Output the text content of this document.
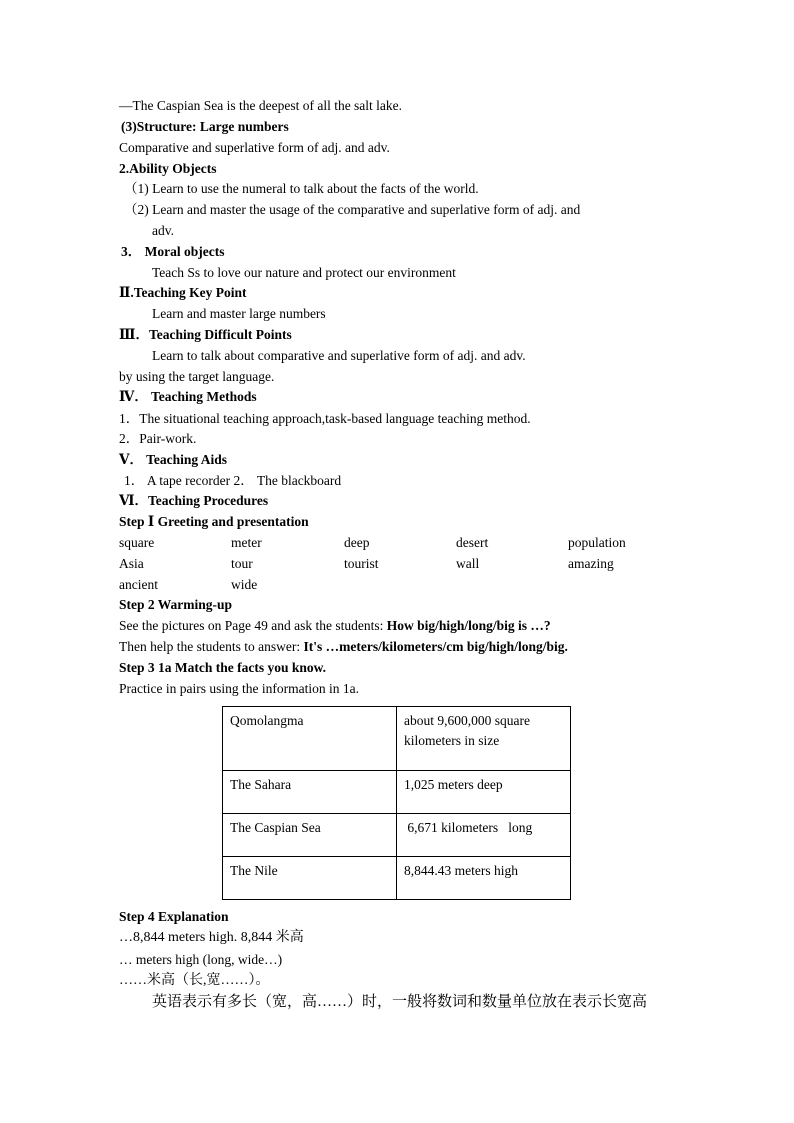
—The Caspian Sea is the deepest of all the salt lake.
(3)Structure: Large numbers
Comparative and superlative form of adj. and adv.
2.Ability Objects
（1) Learn to use the numeral to talk about the facts of the world.
（2) Learn and master the usage of the comparative and superlative form of adj. and
adv.
3． Moral objects
Teach Ss to love our nature and protect our environment
Ⅱ.Teaching Key Point
Learn and master large numbers
Ⅲ．Teaching Difficult Points
Learn to talk about comparative and superlative form of adj. and adv.
by using the target language.
Ⅳ． Teaching Methods
1．The situational teaching approach,task-based language teaching method.
2．Pair-work.
Ⅴ． Teaching Aids
1． A tape recorder 2． The blackboard
Ⅵ．Teaching Procedures
Step Ⅰ Greeting and presentation
square	meter	deep	desert	population
Asia	tour	tourist	wall	amazing
ancient	wide
Step 2 Warming-up
See the pictures on Page 49 and ask the students: How big/high/long/big is …?
Then help the students to answer: It's …meters/kilometers/cm big/high/long/big.
Step 3 1a Match the facts you know.
Practice in pairs using the information in 1a.
Qomolangma	about 9,600,000 square kilometers in size
The Sahara	1,025 meters deep
The Caspian Sea	6,671 kilometers   long
The Nile	8,844.43 meters high
Step 4 Explanation
…8,844 meters high. 8,844 米高
… meters high (long, wide…)
……米高（长,宽……）。
英语表示有多长（宽，高……）时，一般将数词和数量单位放在表示长宽高
